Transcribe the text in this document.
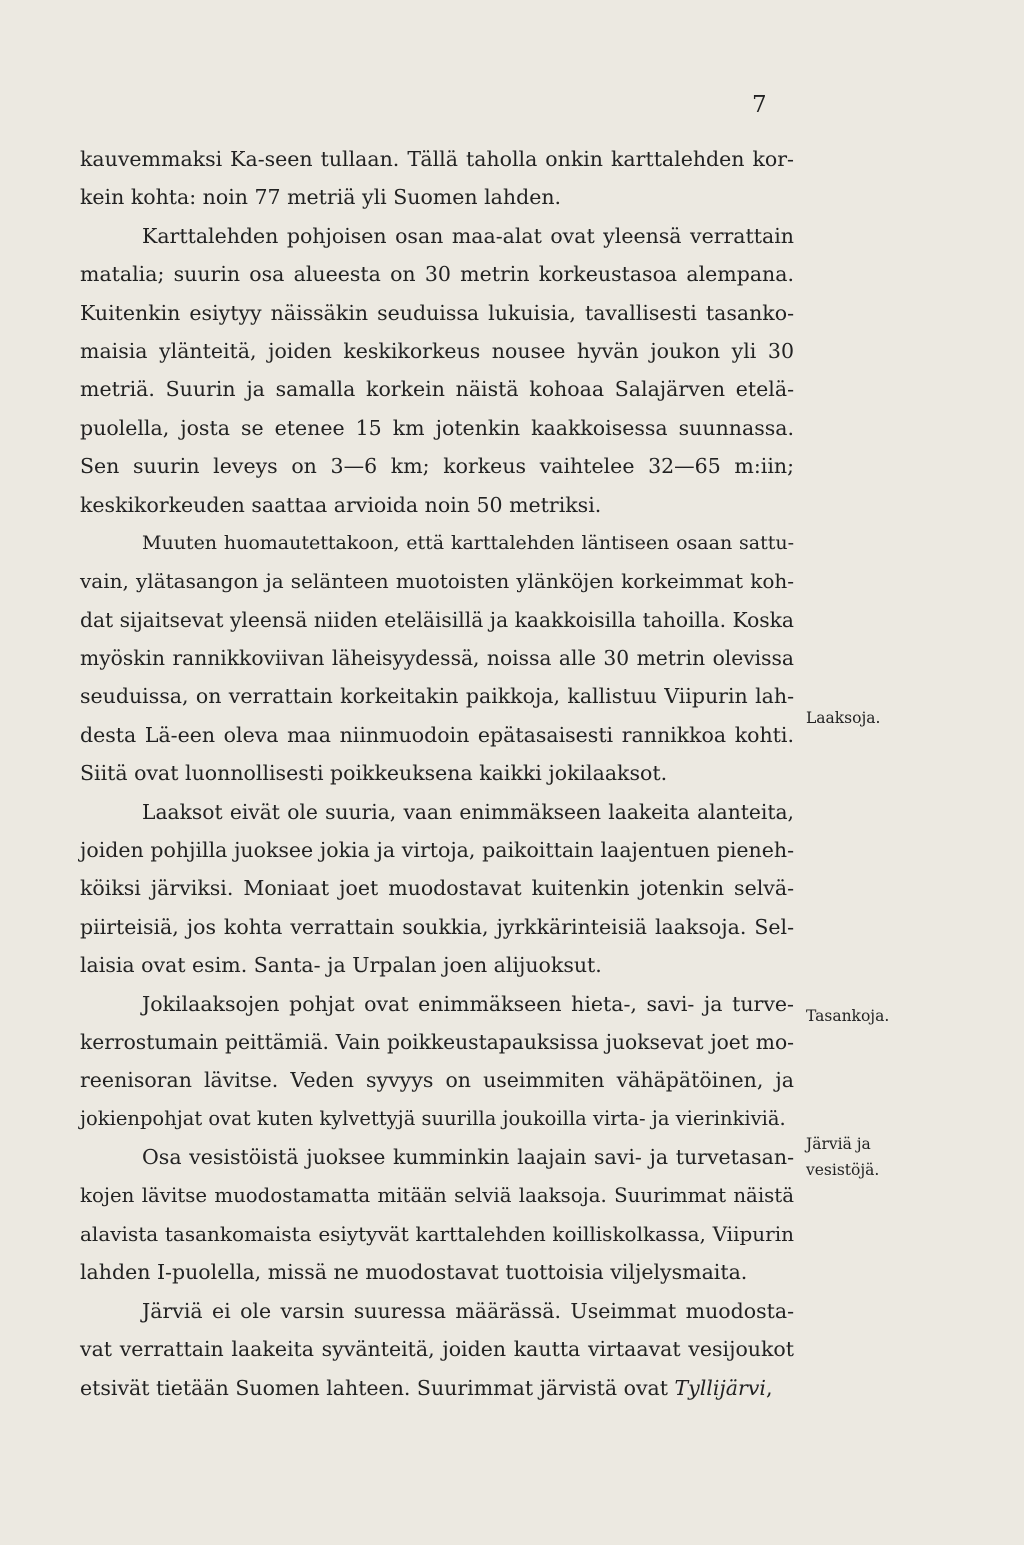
7
kauvemmaksi Ka-seen tullaan. Tällä taholla onkin karttalehden kor-
kein kohta: noin 77 metriä yli Suomen lahden.
Karttalehden pohjoisen osan maa-alat ovat yleensä verrattain
matalia; suurin osa alueesta on 30 metrin korkeustasoa alempana.
Kuitenkin esiytyy näissäkin seuduissa lukuisia, tavallisesti tasanko-
maisia ylänteitä, joiden keskikorkeus nousee hyvän joukon yli 30
metriä. Suurin ja samalla korkein näistä kohoaa Salajärven etelä-
puolella, josta se etenee 15 km jotenkin kaakkoisessa suunnassa.
Sen suurin leveys on 3—6 km; korkeus vaihtelee 32—65 m:iin;
keskikorkeuden saattaa arvioida noin 50 metriksi.
Muuten huomautettakoon, että karttalehden läntiseen osaan sattu-
vain, ylätasangon ja selänteen muotoisten ylänköjen korkeimmat koh-
dat sijaitsevat yleensä niiden eteläisillä ja kaakkoisilla tahoilla. Koska
myöskin rannikkoviivan läheisyydessä, noissa alle 30 metrin olevissa
seuduissa, on verrattain korkeitakin paikkoja, kallistuu Viipurin lah-
desta Lä-een oleva maa niinmuodoin epätasaisesti rannikkoa kohti.
Siitä ovat luonnollisesti poikkeuksena kaikki jokilaaksot.
Laaksot eivät ole suuria, vaan enimmäkseen laakeita alanteita,
joiden pohjilla juoksee jokia ja virtoja, paikoittain laajentuen pieneh-
köiksi järviksi. Moniaat joet muodostavat kuitenkin jotenkin selvä-
piirteisiä, jos kohta verrattain soukkia, jyrkkärinteisiä laaksoja. Sel-
laisia ovat esim. Santa- ja Urpalan joen alijuoksut.
Jokilaaksojen pohjat ovat enimmäkseen hieta-, savi- ja turve-
kerrostumain peittämiä. Vain poikkeustapauksissa juoksevat joet mo-
reenisoran lävitse. Veden syvyys on useimmiten vähäpätöinen, ja
jokienpohjat ovat kuten kylvettyjä suurilla joukoilla virta- ja vierinkiviä.
Osa vesistöistä juoksee kumminkin laajain savi- ja turvetasan-
kojen lävitse muodostamatta mitään selviä laaksoja. Suurimmat näistä
alavista tasankomaista esiytyvät karttalehden koilliskolkassa, Viipurin
lahden I-puolella, missä ne muodostavat tuottoisia viljelysmaita.
Järviä ei ole varsin suuressa määrässä. Useimmat muodosta-
vat verrattain laakeita syvänteitä, joiden kautta virtaavat vesijoukot
etsivät tietään Suomen lahteen. Suurimmat järvistä ovat Tyllijärvi,
Laaksoja.
Tasankoja.
Järviä ja
vesistöjä.
